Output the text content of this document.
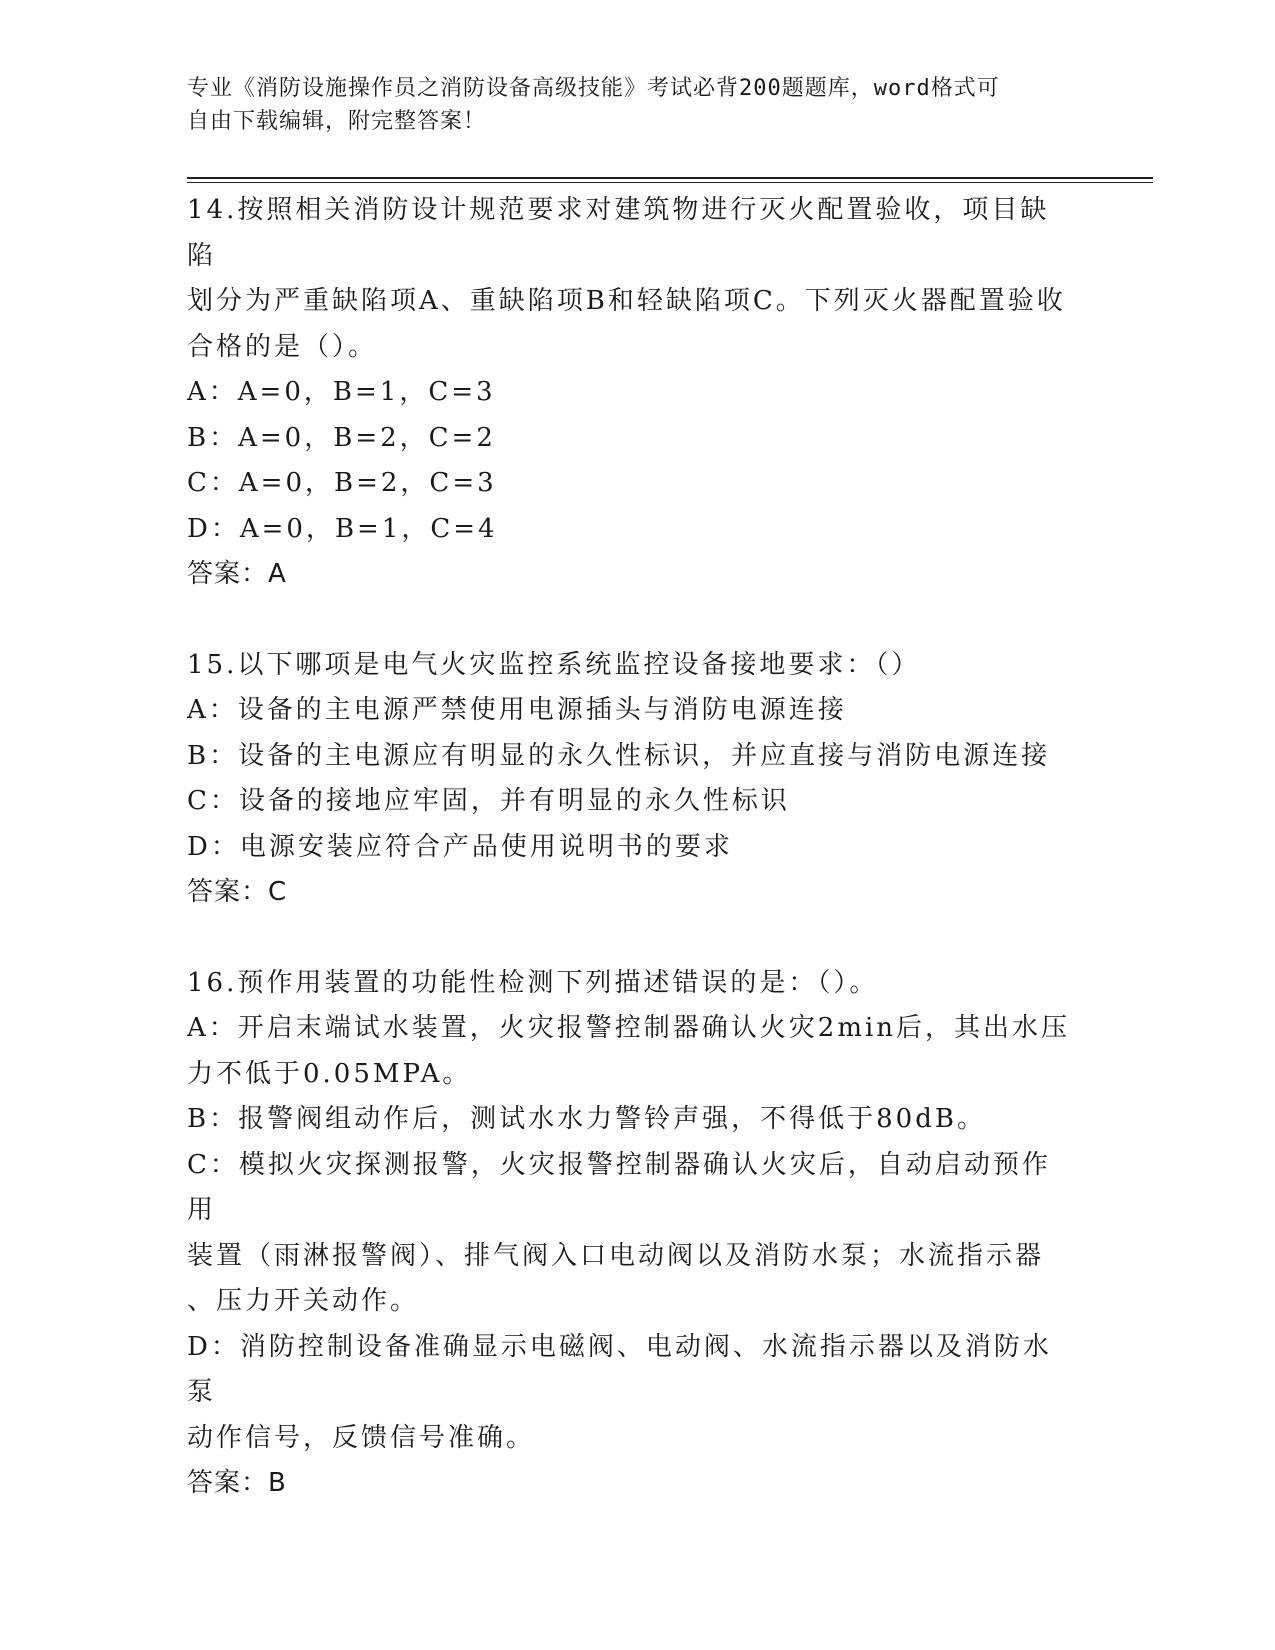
专业《消防设施操作员之消防设备高级技能》考试必背200题题库，word格式可
自由下载编辑，附完整答案！
14.按照相关消防设计规范要求对建筑物进行灭火配置验收，项目缺陷
划分为严重缺陷项A、重缺陷项B和轻缺陷项C。下列灭火器配置验收
合格的是（）。
A：A=0，B=1，C=3
B：A=0，B=2，C=2
C：A=0，B=2，C=3
D：A=0，B=1，C=4
答案：A
15.以下哪项是电气火灾监控系统监控设备接地要求：（）
A：设备的主电源严禁使用电源插头与消防电源连接
B：设备的主电源应有明显的永久性标识，并应直接与消防电源连接
C：设备的接地应牢固，并有明显的永久性标识
D：电源安装应符合产品使用说明书的要求
答案：C
16.预作用装置的功能性检测下列描述错误的是：（）。
A：开启末端试水装置，火灾报警控制器确认火灾2min后，其出水压
力不低于0.05MPA。
B：报警阀组动作后，测试水水力警铃声强，不得低于80dB。
C：模拟火灾探测报警，火灾报警控制器确认火灾后，自动启动预作用
装置（雨淋报警阀）、排气阀入口电动阀以及消防水泵；水流指示器
、压力开关动作。
D：消防控制设备准确显示电磁阀、电动阀、水流指示器以及消防水泵
动作信号，反馈信号准确。
答案：B
